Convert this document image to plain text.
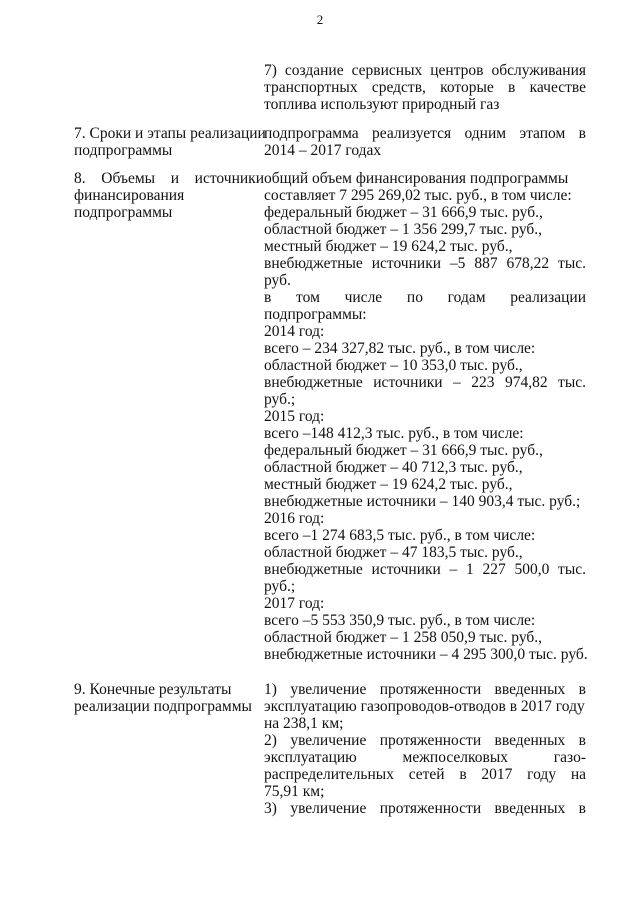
2
7) создание сервисных центров обслуживания
транспортных средств, которые в качестве
топлива используют природный газ
7. Сроки и этапы реализации
подпрограммы
подпрограмма реализуется одним этапом в
2014 – 2017 годах
8. Объемы и источники
финансирования
подпрограммы
общий объем финансирования подпрограммы
составляет 7 295 269,02 тыс. руб., в том числе:
федеральный бюджет – 31 666,9 тыс. руб.,
областной бюджет – 1 356 299,7 тыс. руб.,
местный бюджет – 19 624,2 тыс. руб.,
внебюджетные источники –5 887 678,22 тыс.
руб.
в том числе по годам реализации
подпрограммы:
2014 год:
всего – 234 327,82 тыс. руб., в том числе:
областной бюджет – 10 353,0 тыс. руб.,
внебюджетные источники – 223 974,82 тыс.
руб.;
2015 год:
всего –148 412,3 тыс. руб., в том числе:
федеральный бюджет – 31 666,9 тыс. руб.,
областной бюджет – 40 712,3 тыс. руб.,
местный бюджет – 19 624,2 тыс. руб.,
внебюджетные источники – 140 903,4 тыс. руб.;
2016 год:
всего –1 274 683,5 тыс. руб., в том числе:
областной бюджет – 47 183,5 тыс. руб.,
внебюджетные источники – 1 227 500,0 тыс.
руб.;
2017 год:
всего –5 553 350,9 тыс. руб., в том числе:
областной бюджет – 1 258 050,9 тыс. руб.,
внебюджетные источники – 4 295 300,0 тыс. руб.
9. Конечные результаты
реализации подпрограммы
1) увеличение протяженности введенных в
эксплуатацию газопроводов-отводов в 2017 году
на 238,1 км;
2) увеличение протяженности введенных в
эксплуатацию межпоселковых газо-
распределительных сетей в 2017 году на
75,91 км;
3) увеличение протяженности введенных в
